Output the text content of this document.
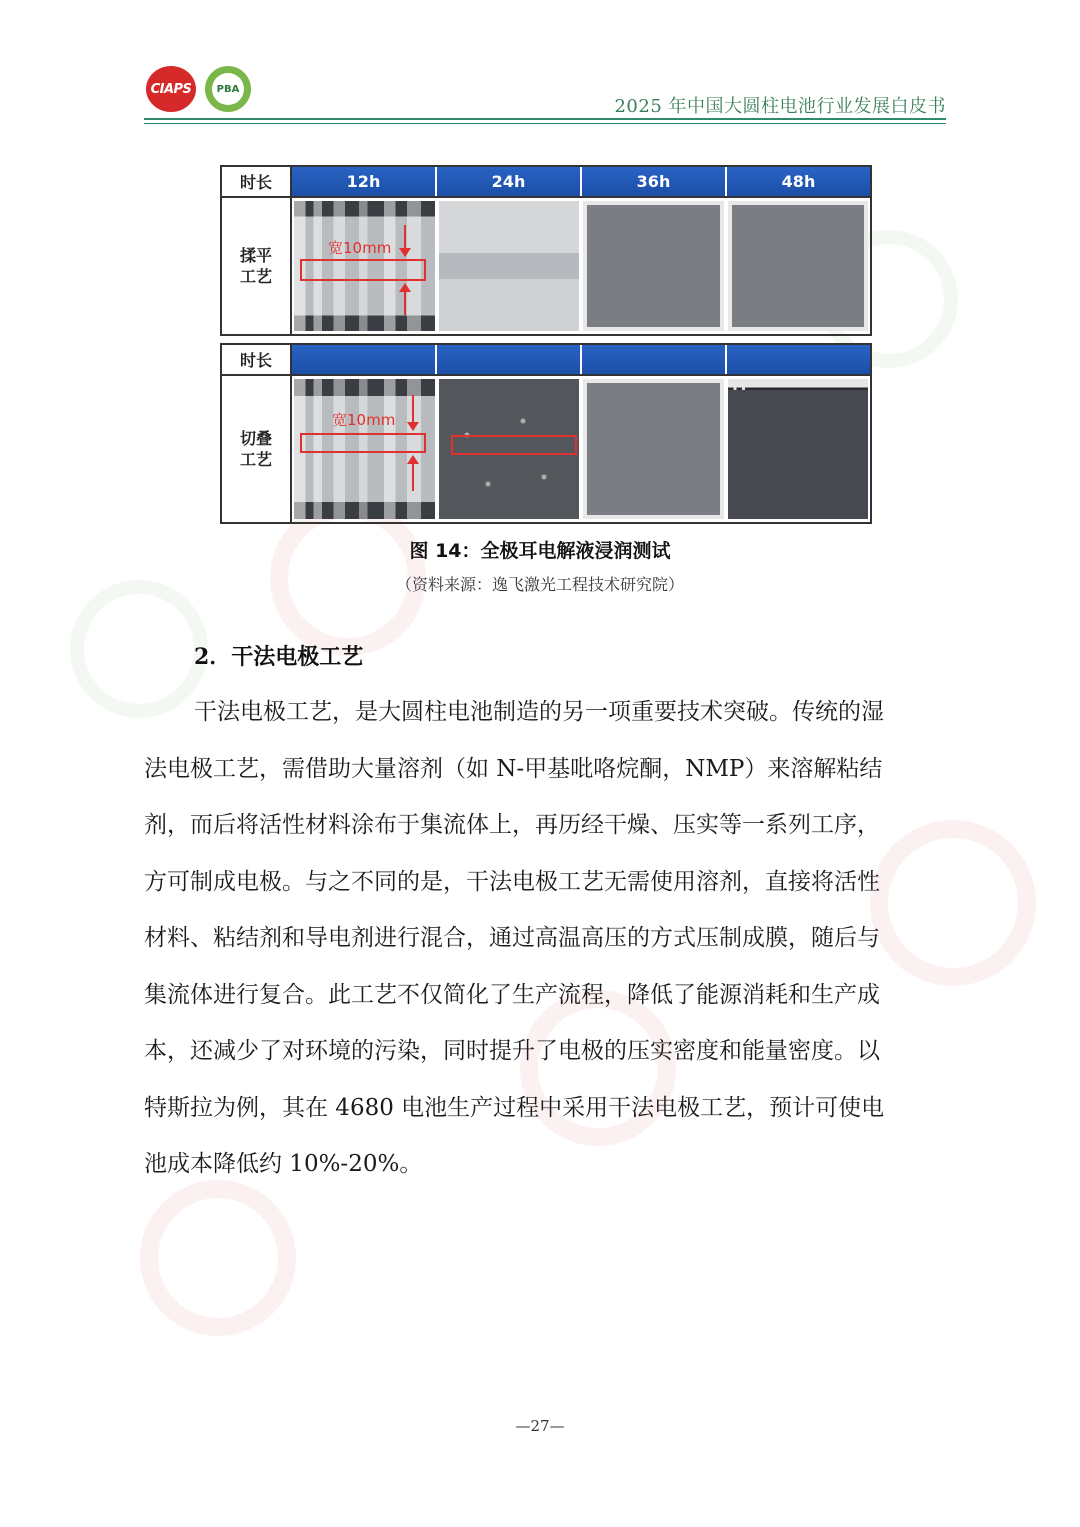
CIAPS	PBA
2025 年中国大圆柱电池行业发展白皮书
时长	12h	24h	36h	48h
揉平
工艺
宽10mm
时长
切叠
工艺
宽10mm
图 14：全极耳电解液浸润测试
（资料来源：逸飞激光工程技术研究院）
2．干法电极工艺
干法电极工艺，是大圆柱电池制造的另一项重要技术突破。传统的湿
法电极工艺，需借助大量溶剂（如 N-甲基吡咯烷酮，NMP）来溶解粘结
剂，而后将活性材料涂布于集流体上，再历经干燥、压实等一系列工序，
方可制成电极。与之不同的是，干法电极工艺无需使用溶剂，直接将活性
材料、粘结剂和导电剂进行混合，通过高温高压的方式压制成膜，随后与
集流体进行复合。此工艺不仅简化了生产流程，降低了能源消耗和生产成
本，还减少了对环境的污染，同时提升了电极的压实密度和能量密度。以
特斯拉为例，其在 4680 电池生产过程中采用干法电极工艺，预计可使电
池成本降低约 10%-20%。
—27—
